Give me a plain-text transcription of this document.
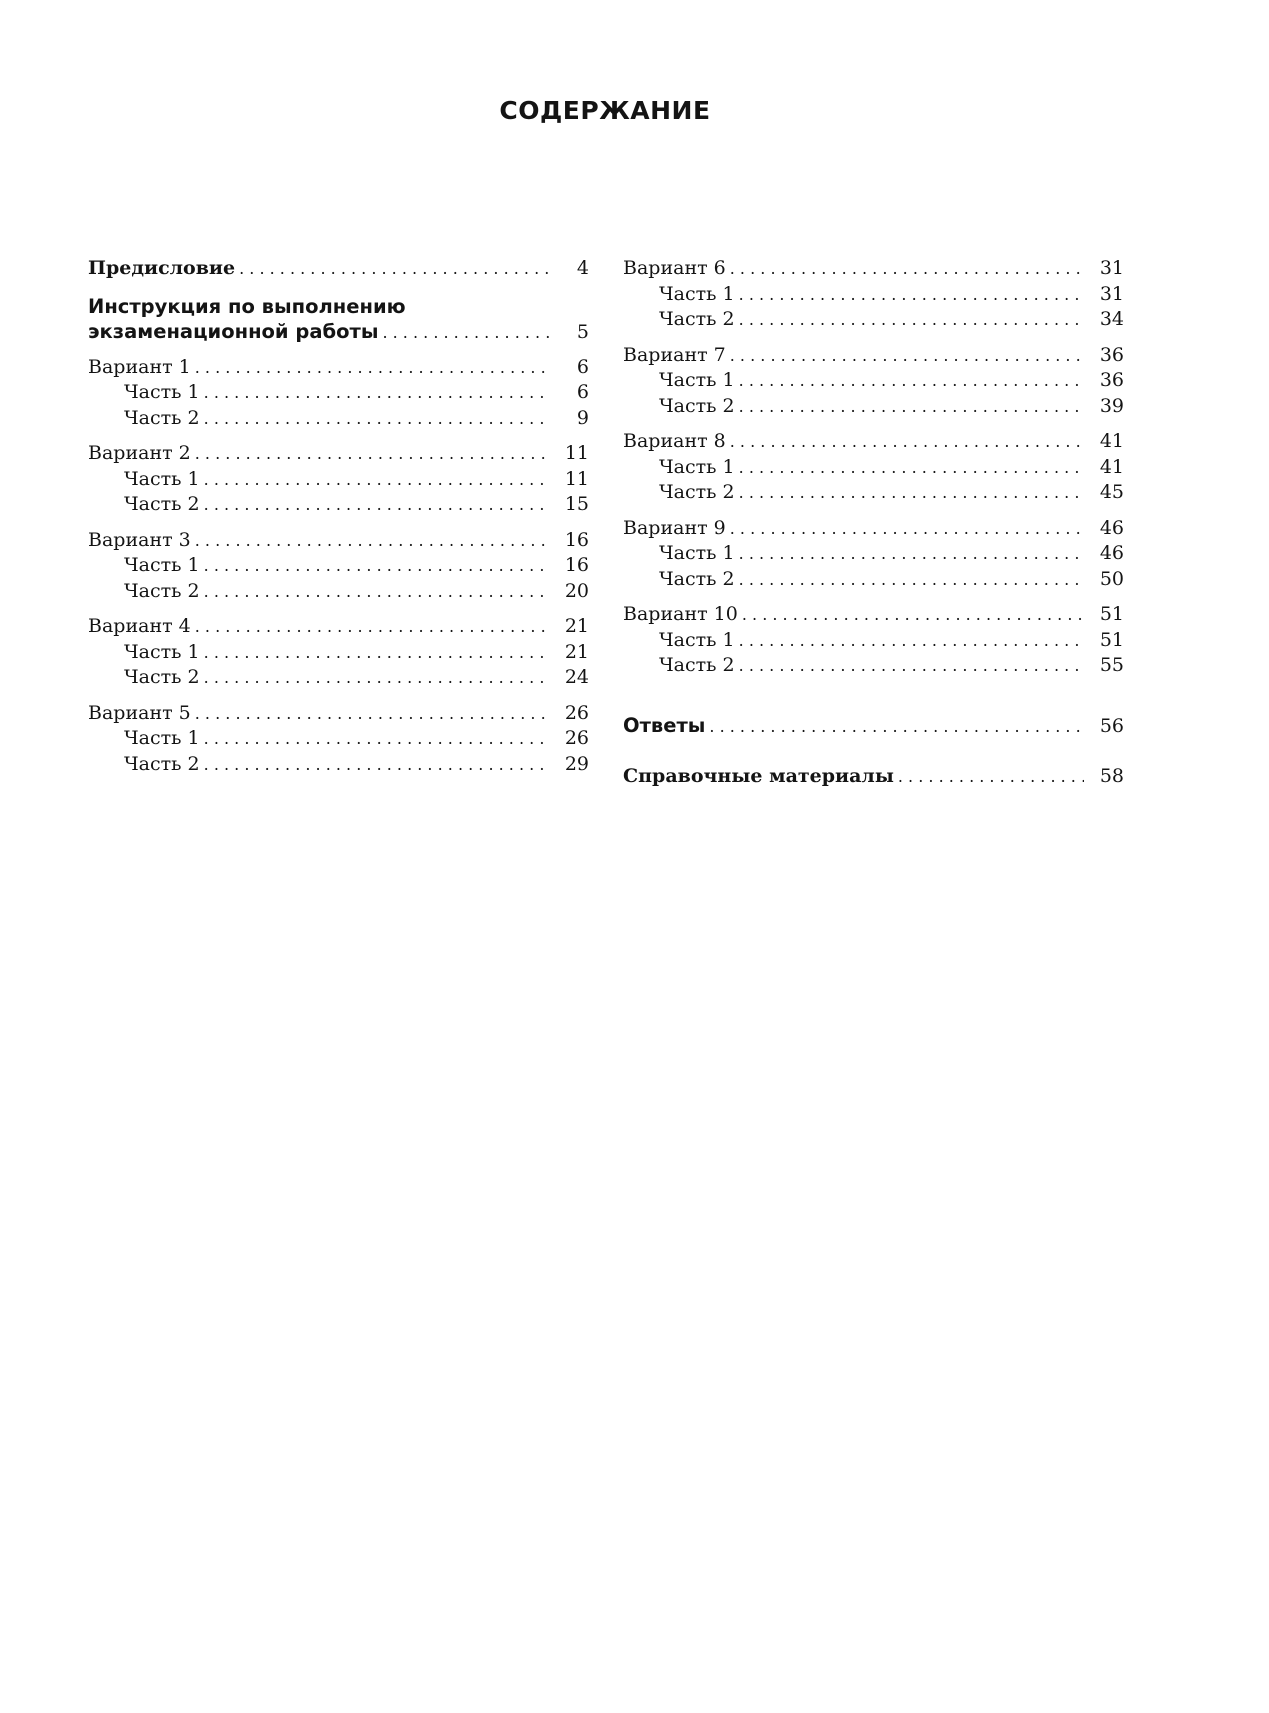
СОДЕРЖАНИЕ
Предисловие . . .	4
Инструкция по выполнению
экзаменационной работы . . .	5
Вариант 1 . . .	6
Часть 1 . . .	6
Часть 2 . . .	9
Вариант 2 . . .	11
Часть 1 . . .	11
Часть 2 . . .	15
Вариант 3 . . .	16
Часть 1 . . .	16
Часть 2 . . .	20
Вариант 4 . . .	21
Часть 1 . . .	21
Часть 2 . . .	24
Вариант 5 . . .	26
Часть 1 . . .	26
Часть 2 . . .	29
Вариант 6 . . .	31
Часть 1 . . .	31
Часть 2 . . .	34
Вариант 7 . . .	36
Часть 1 . . .	36
Часть 2 . . .	39
Вариант 8 . . .	41
Часть 1 . . .	41
Часть 2 . . .	45
Вариант 9 . . .	46
Часть 1 . . .	46
Часть 2 . . .	50
Вариант 10 . . .	51
Часть 1 . . .	51
Часть 2 . . .	55
Ответы . . .	56
Справочные материалы . . .	58
